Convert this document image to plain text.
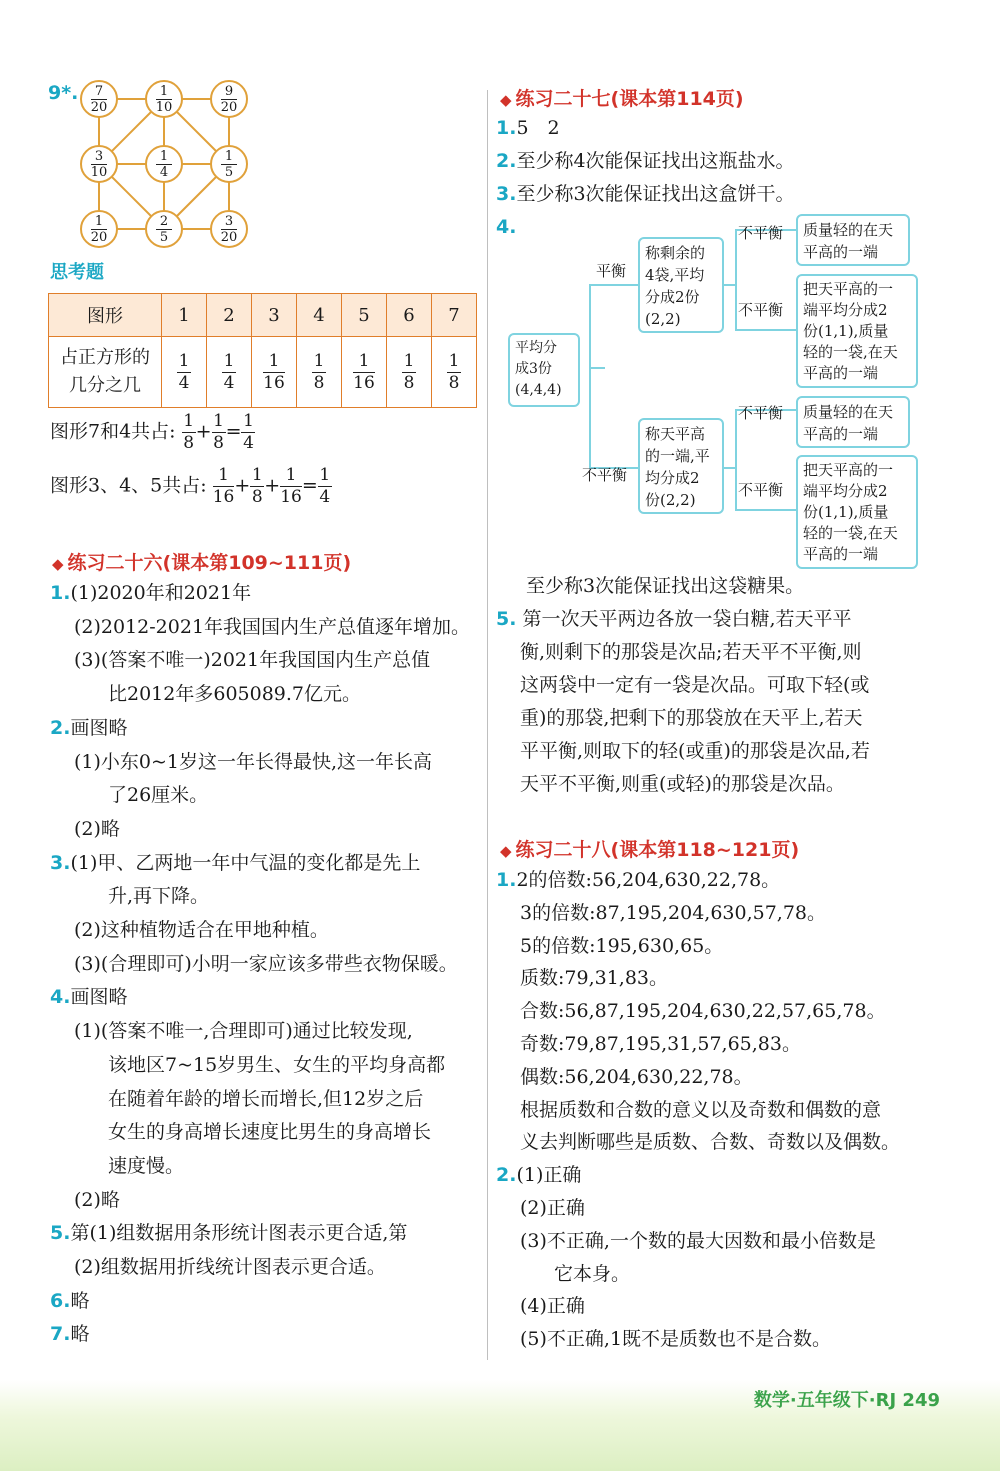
9*. 7
20
1
10
9
20
3
10
1
4
1
5
1
20
2
5
3
20
思考题
图形	1	2	3	4	5	6	7
占正方形的
几分之几	$\frac{1}{4}$	$\frac{1}{4}$	$\frac{1}{16}$	$\frac{1}{8}$	$\frac{1}{16}$	$\frac{1}{8}$	$\frac{1}{8}$
图形7和4共占: $\frac{1}{8} + \frac{1}{8} = \frac{1}{4}$
图形3、4、5共占: $\frac{1}{16} + \frac{1}{8} + \frac{1}{16} = \frac{1}{4}$
◆ 练习二十六(课本第109~111页)
1.(1)2020年和2021年
(2)2012-2021年我国国内生产总值逐年增加。
(3)(答案不唯一)2021年我国国内生产总值
比2012年多605089.7亿元。
2.画图略
(1)小东0~1岁这一年长得最快,这一年长高
了26厘米。
(2)略
3.(1)甲、乙两地一年中气温的变化都是先上
升,再下降。
(2)这种植物适合在甲地种植。
(3)(合理即可)小明一家应该多带些衣物保暖。
4.画图略
(1)(答案不唯一,合理即可)通过比较发现,
该地区7~15岁男生、女生的平均身高都
在随着年龄的增长而增长,但12岁之后
女生的身高增长速度比男生的身高增长
速度慢。
(2)略
5.第(1)组数据用条形统计图表示更合适,第
(2)组数据用折线统计图表示更合适。
6.略
7.略
◆ 练习二十七(课本第114页)
1.5　2
2.至少称4次能保证找出这瓶盐水。
3.至少称3次能保证找出这盒饼干。
4.
平均分
成3份
(4,4,4)
平衡
不平衡
称剩余的
4袋,平均
分成2份
(2,2)
称天平高
的一端,平
均分成2
份(2,2)
不平衡
不平衡
不平衡
不平衡
质量轻的在天
平高的一端
把天平高的一
端平均分成2
份(1,1),质量
轻的一袋,在天
平高的一端
质量轻的在天
平高的一端
把天平高的一
端平均分成2
份(1,1),质量
轻的一袋,在天
平高的一端
至少称3次能保证找出这袋糖果。
5. 第一次天平两边各放一袋白糖,若天平平
衡,则剩下的那袋是次品;若天平不平衡,则
这两袋中一定有一袋是次品。可取下轻(或
重)的那袋,把剩下的那袋放在天平上,若天
平平衡,则取下的轻(或重)的那袋是次品,若
天平不平衡,则重(或轻)的那袋是次品。
◆ 练习二十八(课本第118~121页)
1.2的倍数:56,204,630,22,78。
3的倍数:87,195,204,630,57,78。
5的倍数:195,630,65。
质数:79,31,83。
合数:56,87,195,204,630,22,57,65,78。
奇数:79,87,195,31,57,65,83。
偶数:56,204,630,22,78。
根据质数和合数的意义以及奇数和偶数的意
义去判断哪些是质数、合数、奇数以及偶数。
2.(1)正确
(2)正确
(3)不正确,一个数的最大因数和最小倍数是
它本身。
(4)正确
(5)不正确,1既不是质数也不是合数。
数学·五年级下·RJ 249
